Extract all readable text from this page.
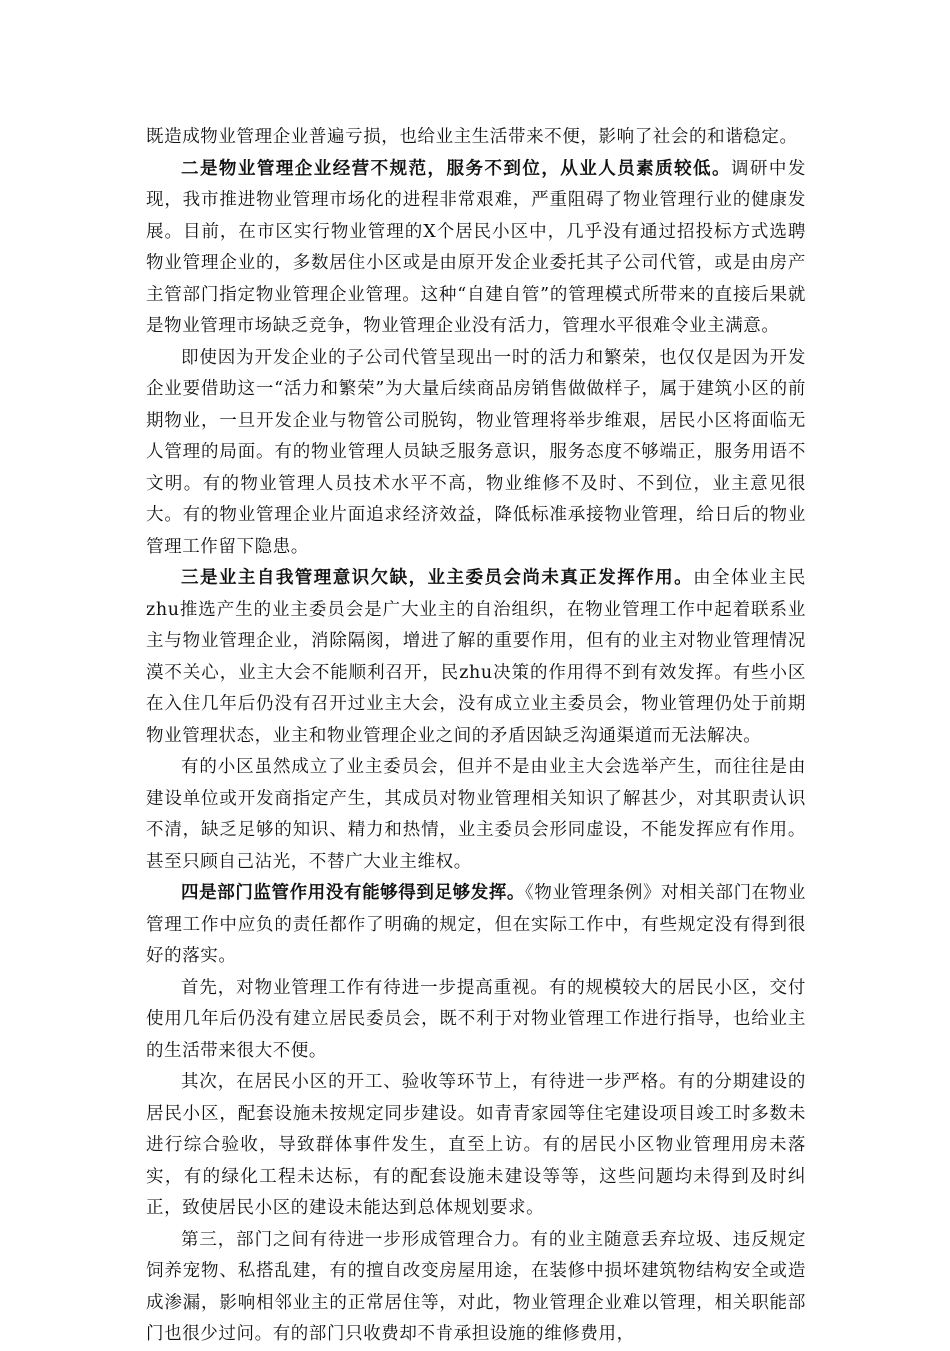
既造成物业管理企业普遍亏损，也给业主生活带来不便，影响了社会的和谐稳定。

二是物业管理企业经营不规范，服务不到位，从业人员素质较低。调研中发现，我市推进物业管理市场化的进程非常艰难，严重阻碍了物业管理行业的健康发展。目前，在市区实行物业管理的X个居民小区中，几乎没有通过招投标方式选聘物业管理企业的，多数居住小区或是由原开发企业委托其子公司代管，或是由房产主管部门指定物业管理企业管理。这种“自建自管”的管理模式所带来的直接后果就是物业管理市场缺乏竞争，物业管理企业没有活力，管理水平很难令业主满意。

即使因为开发企业的子公司代管呈现出一时的活力和繁荣，也仅仅是因为开发企业要借助这一“活力和繁荣”为大量后续商品房销售做做样子，属于建筑小区的前期物业，一旦开发企业与物管公司脱钩，物业管理将举步维艰，居民小区将面临无人管理的局面。有的物业管理人员缺乏服务意识，服务态度不够端正，服务用语不文明。有的物业管理人员技术水平不高，物业维修不及时、不到位，业主意见很大。有的物业管理企业片面追求经济效益，降低标准承接物业管理，给日后的物业管理工作留下隐患。

三是业主自我管理意识欠缺，业主委员会尚未真正发挥作用。由全体业主民zhu推选产生的业主委员会是广大业主的自治组织，在物业管理工作中起着联系业主与物业管理企业，消除隔阂，增进了解的重要作用，但有的业主对物业管理情况漠不关心，业主大会不能顺利召开，民zhu决策的作用得不到有效发挥。有些小区在入住几年后仍没有召开过业主大会，没有成立业主委员会，物业管理仍处于前期物业管理状态，业主和物业管理企业之间的矛盾因缺乏沟通渠道而无法解决。

有的小区虽然成立了业主委员会，但并不是由业主大会选举产生，而往往是由建设单位或开发商指定产生，其成员对物业管理相关知识了解甚少，对其职责认识不清，缺乏足够的知识、精力和热情，业主委员会形同虚设，不能发挥应有作用。甚至只顾自己沾光，不替广大业主维权。

四是部门监管作用没有能够得到足够发挥。《物业管理条例》对相关部门在物业管理工作中应负的责任都作了明确的规定，但在实际工作中，有些规定没有得到很好的落实。

首先，对物业管理工作有待进一步提高重视。有的规模较大的居民小区，交付使用几年后仍没有建立居民委员会，既不利于对物业管理工作进行指导，也给业主的生活带来很大不便。

其次，在居民小区的开工、验收等环节上，有待进一步严格。有的分期建设的居民小区，配套设施未按规定同步建设。如青青家园等住宅建设项目竣工时多数未进行综合验收，导致群体事件发生，直至上访。有的居民小区物业管理用房未落实，有的绿化工程未达标，有的配套设施未建设等等，这些问题均未得到及时纠正，致使居民小区的建设未能达到总体规划要求。

第三，部门之间有待进一步形成管理合力。有的业主随意丢弃垃圾、违反规定饲养宠物、私搭乱建，有的擅自改变房屋用途，在装修中损坏建筑物结构安全或造成渗漏，影响相邻业主的正常居住等，对此，物业管理企业难以管理，相关职能部门也很少过问。有的部门只收费却不肯承担设施的维修费用，
